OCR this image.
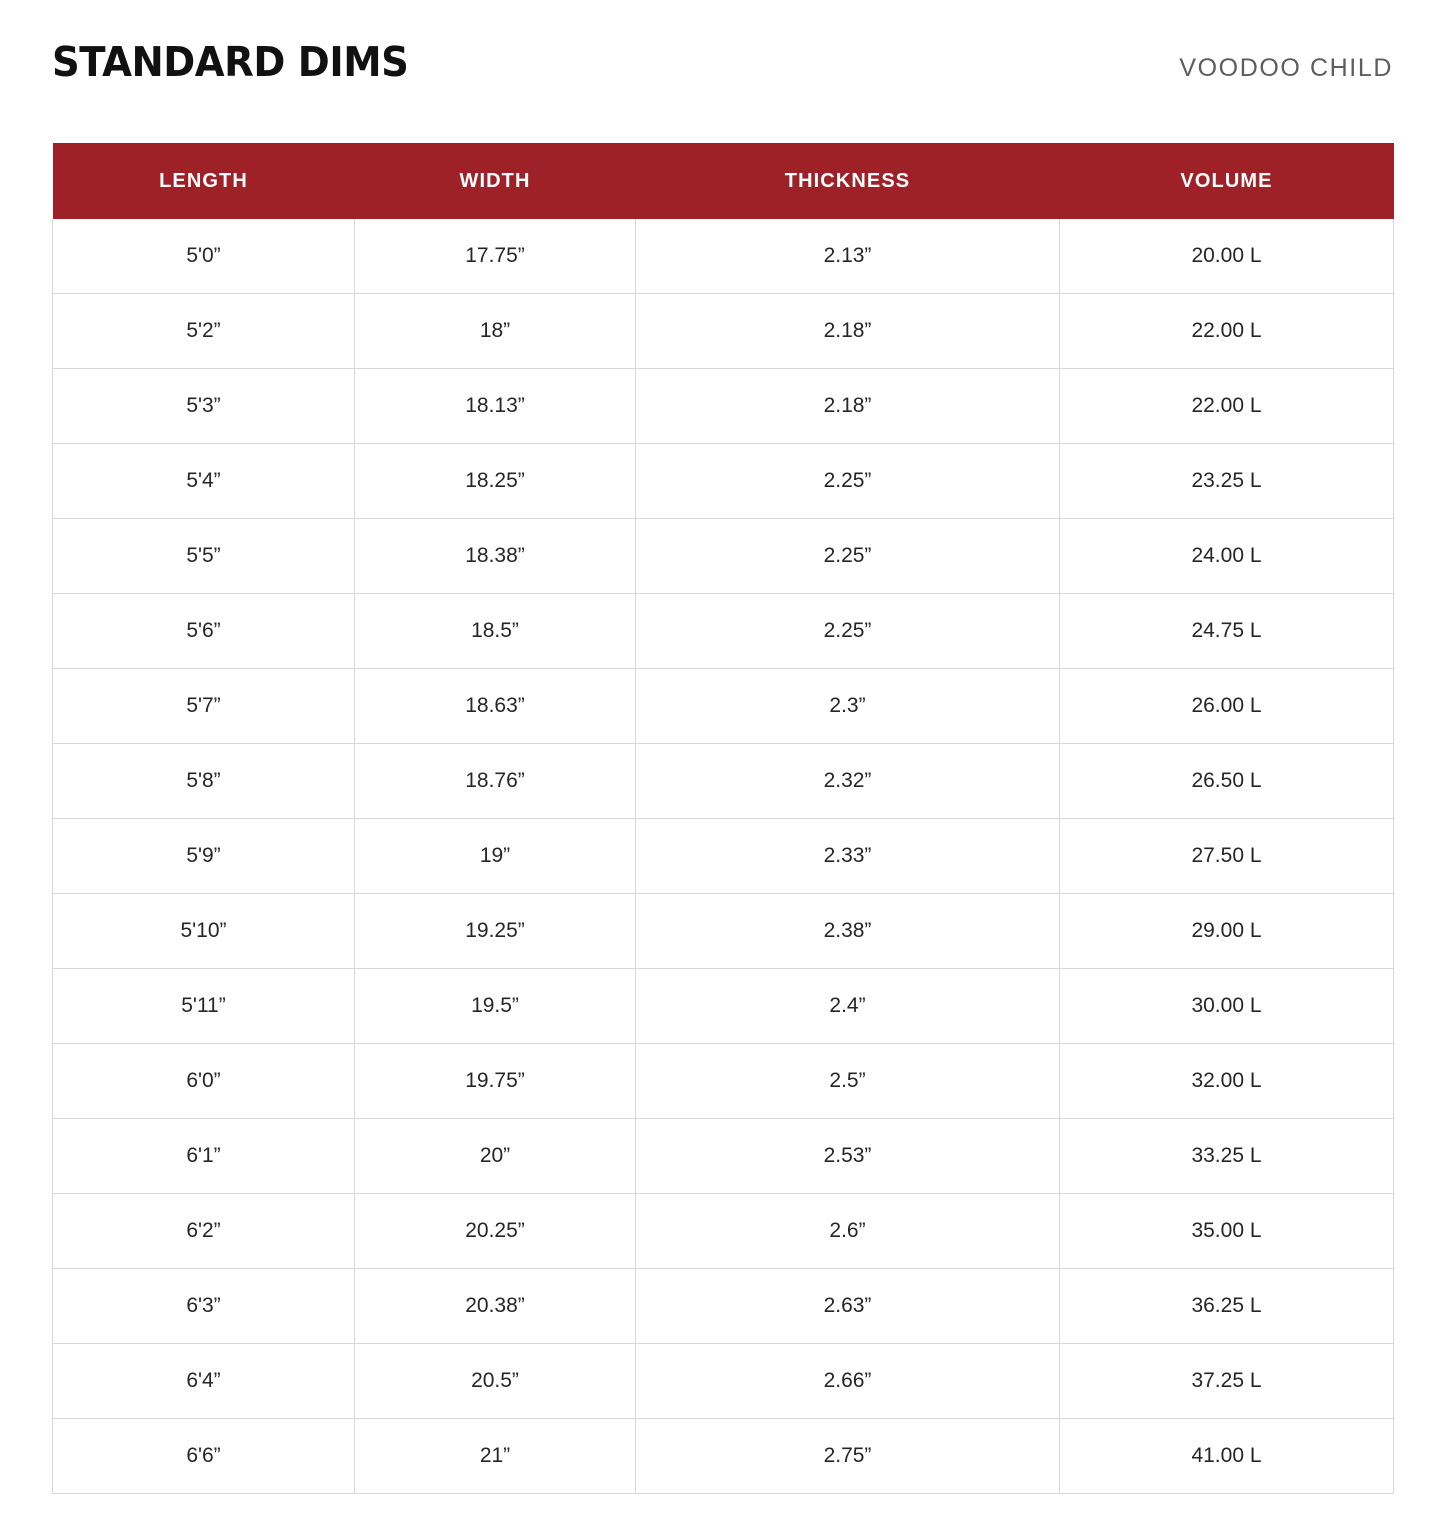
STANDARD DIMS	VOODOO CHILD
LENGTH	WIDTH	THICKNESS	VOLUME
5'0”	17.75”	2.13”	20.00 L
5'2”	18”	2.18”	22.00 L
5'3”	18.13”	2.18”	22.00 L
5'4”	18.25”	2.25”	23.25 L
5'5”	18.38”	2.25”	24.00 L
5'6”	18.5”	2.25”	24.75 L
5'7”	18.63”	2.3”	26.00 L
5'8”	18.76”	2.32”	26.50 L
5'9”	19”	2.33”	27.50 L
5'10”	19.25”	2.38”	29.00 L
5'11”	19.5”	2.4”	30.00 L
6'0”	19.75”	2.5”	32.00 L
6'1”	20”	2.53”	33.25 L
6'2”	20.25”	2.6”	35.00 L
6'3”	20.38”	2.63”	36.25 L
6'4”	20.5”	2.66”	37.25 L
6'6”	21”	2.75”	41.00 L
